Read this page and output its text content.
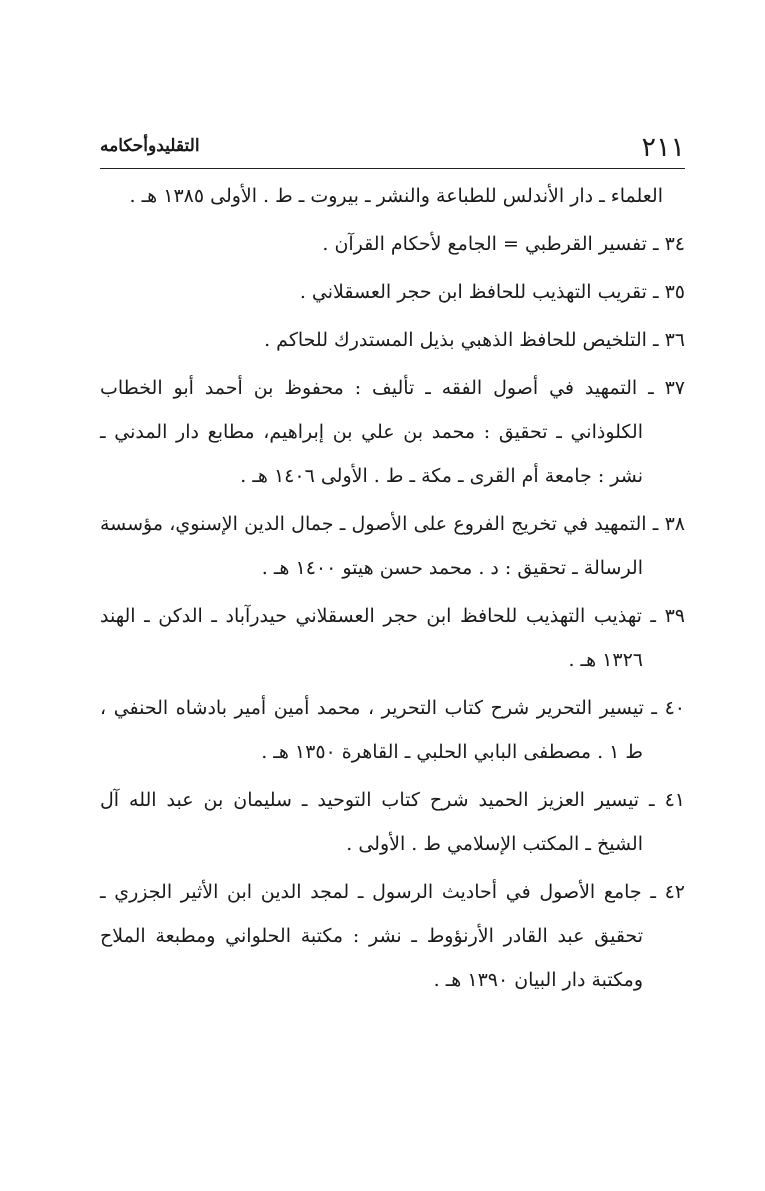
٢١١
التقليدوأحكامه

العلماء ـ دار الأندلس للطباعة والنشر ـ بيروت ـ ط . الأولى ١٣٨٥ هـ .

٣٤ ـ تفسير القرطبي = الجامع لأحكام القرآن .

٣٥ ـ تقريب التهذيب للحافظ ابن حجر العسقلاني .

٣٦ ـ التلخيص للحافظ الذهبي بذيل المستدرك للحاكم .

٣٧ ـ التمهيد في أصول الفقه ـ تأليف : محفوظ بن أحمد أبو الخطاب الكلوذاني ـ تحقيق : محمد بن علي بن إبراهيم، مطابع دار المدني ـ نشر : جامعة أم القرى ـ مكة ـ ط . الأولى ١٤٠٦ هـ .

٣٨ ـ التمهيد في تخريج الفروع على الأصول ـ جمال الدين الإسنوي، مؤسسة الرسالة ـ تحقيق : د . محمد حسن هيتو ١٤٠٠ هـ .

٣٩ ـ تهذيب التهذيب للحافظ ابن حجر العسقلاني حيدرآباد ـ الدكن ـ الهند ١٣٢٦ هـ .

٤٠ ـ تيسير التحرير شرح كتاب التحرير ، محمد أمين أمير بادشاه الحنفي ، ط ١ . مصطفى البابي الحلبي ـ القاهرة ١٣٥٠ هـ .

٤١ ـ تيسير العزيز الحميد شرح كتاب التوحيد ـ سليمان بن عبد الله آل الشيخ ـ المكتب الإسلامي ط . الأولى .

٤٢ ـ جامع الأصول في أحاديث الرسول ـ لمجد الدين ابن الأثير الجزري ـ تحقيق عبد القادر الأرنؤوط ـ نشر : مكتبة الحلواني ومطبعة الملاح ومكتبة دار البيان ١٣٩٠ هـ .
